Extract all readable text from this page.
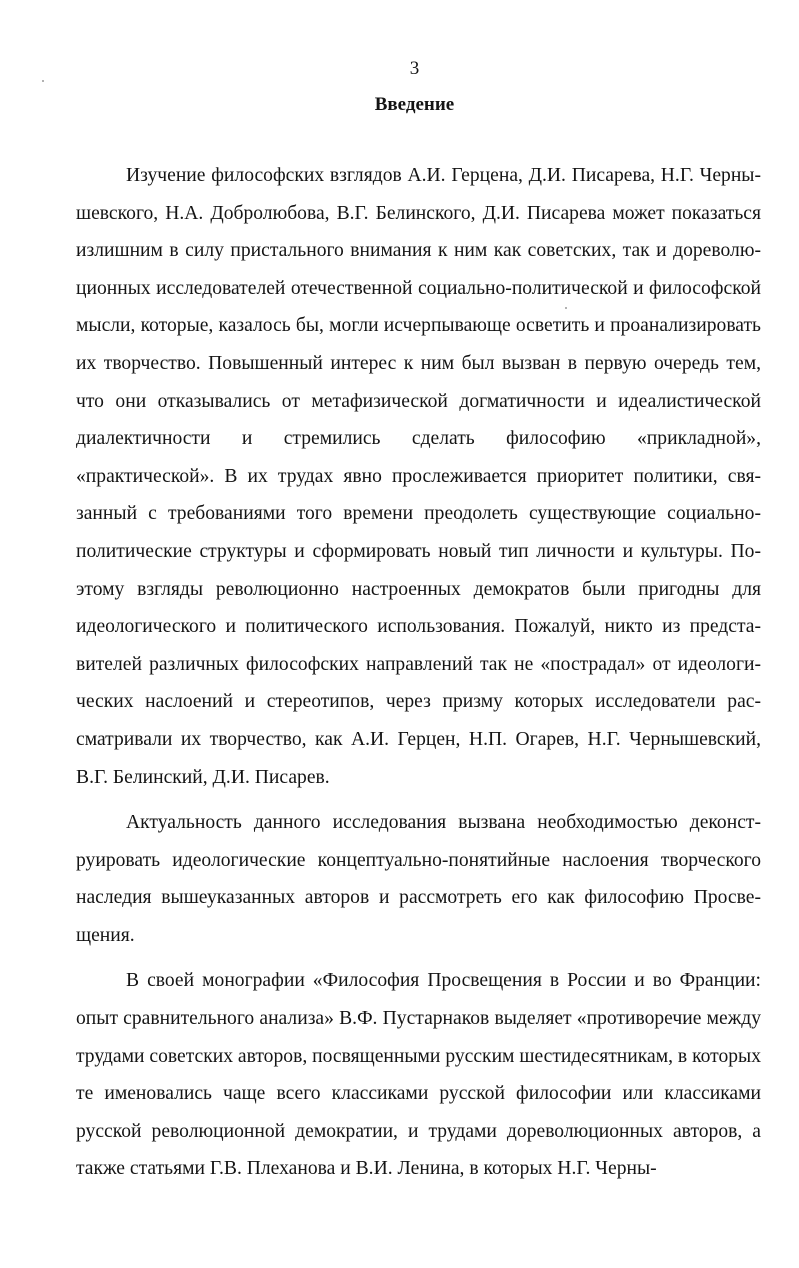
3
Введение

Изучение философских взглядов А.И. Герцена, Д.И. Писарева, Н.Г. Чернышевского, Н.А. Добролюбова, В.Г. Белинского, Д.И. Писарева может показаться излишним в силу пристального внимания к ним как советских, так и дореволюционных исследователей отечественной социально-политической и философской мысли, которые, казалось бы, могли исчерпывающе осветить и проанализировать их творчество. Повышенный интерес к ним был вызван в первую очередь тем, что они отказывались от метафизической догматичности и идеалистической диалектичности и стремились сделать философию «прикладной», «практической». В их трудах явно прослеживается приоритет политики, связанный с требованиями того времени преодолеть существующие социально-политические структуры и сформировать новый тип личности и культуры. Поэтому взгляды революционно настроенных демократов были пригодны для идеологического и политического использования. Пожалуй, никто из представителей различных философских направлений так не «пострадал» от идеологических наслоений и стереотипов, через призму которых исследователи рассматривали их творчество, как А.И. Герцен, Н.П. Огарев, Н.Г. Чернышевский, В.Г. Белинский, Д.И. Писарев.

Актуальность данного исследования вызвана необходимостью деконструировать идеологические концептуально-понятийные наслоения творческого наследия вышеуказанных авторов и рассмотреть его как философию Просвещения.

В своей монографии «Философия Просвещения в России и во Франции: опыт сравнительного анализа» В.Ф. Пустарнаков выделяет «противоречие между трудами советских авторов, посвященными русским шестидесятникам, в которых те именовались чаще всего классиками русской философии или классиками русской революционной демократии, и трудами дореволюционных авторов, а также статьями Г.В. Плеханова и В.И. Ленина, в которых Н.Г. Черны-
